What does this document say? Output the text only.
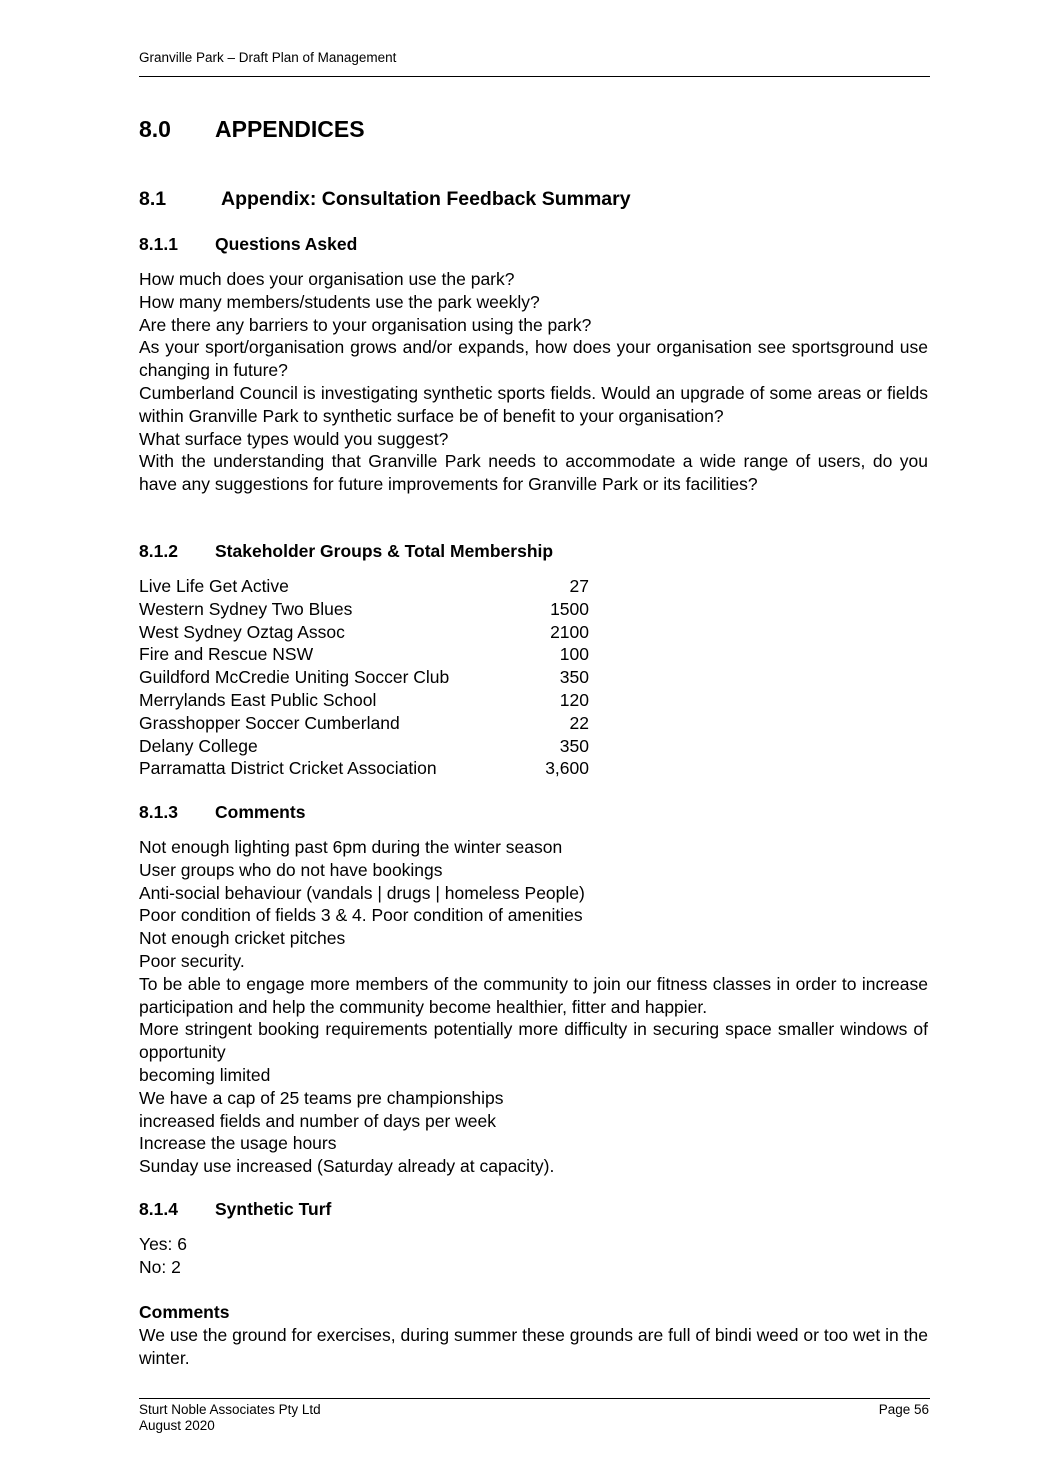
Granville Park – Draft Plan of Management
8.0 APPENDICES
8.1	Appendix: Consultation Feedback Summary
8.1.1 Questions Asked

How much does your organisation use the park?

How many members/students use the park weekly?

Are there any barriers to your organisation using the park?

As your sport/organisation grows and/or expands, how does your organisation see sportsground use changing in future?

Cumberland Council is investigating synthetic sports fields. Would an upgrade of some areas or fields within Granville Park to synthetic surface be of benefit to your organisation?

What surface types would you suggest?

With the understanding that Granville Park needs to accommodate a wide range of users, do you have any suggestions for future improvements for Granville Park or its facilities?

8.1.2 Stakeholder Groups & Total Membership
Live Life Get Active	27
Western Sydney Two Blues	1500
West Sydney Oztag Assoc	2100
Fire and Rescue NSW	100
Guildford McCredie Uniting Soccer Club	350
Merrylands East Public School	120
Grasshopper Soccer Cumberland	22
Delany College	350
Parramatta District Cricket Association	3,600
8.1.3 Comments

Not enough lighting past 6pm during the winter season

User groups who do not have bookings

Anti-social behaviour (vandals | drugs | homeless People)

Poor condition of fields 3 & 4. Poor condition of amenities

Not enough cricket pitches

Poor security.

To be able to engage more members of the community to join our fitness classes in order to increase participation and help the community become healthier, fitter and happier.

More stringent booking requirements potentially more difficulty in securing space smaller windows of opportunity

becoming limited

We have a cap of 25 teams pre championships

increased fields and number of days per week

Increase the usage hours

Sunday use increased (Saturday already at capacity).

8.1.4 Synthetic Turf

Yes: 6

No: 2

Comments

We use the ground for exercises, during summer these grounds are full of bindi weed or too wet in the winter.

Sturt Noble Associates Pty Ltd
August 2020
Page 56
